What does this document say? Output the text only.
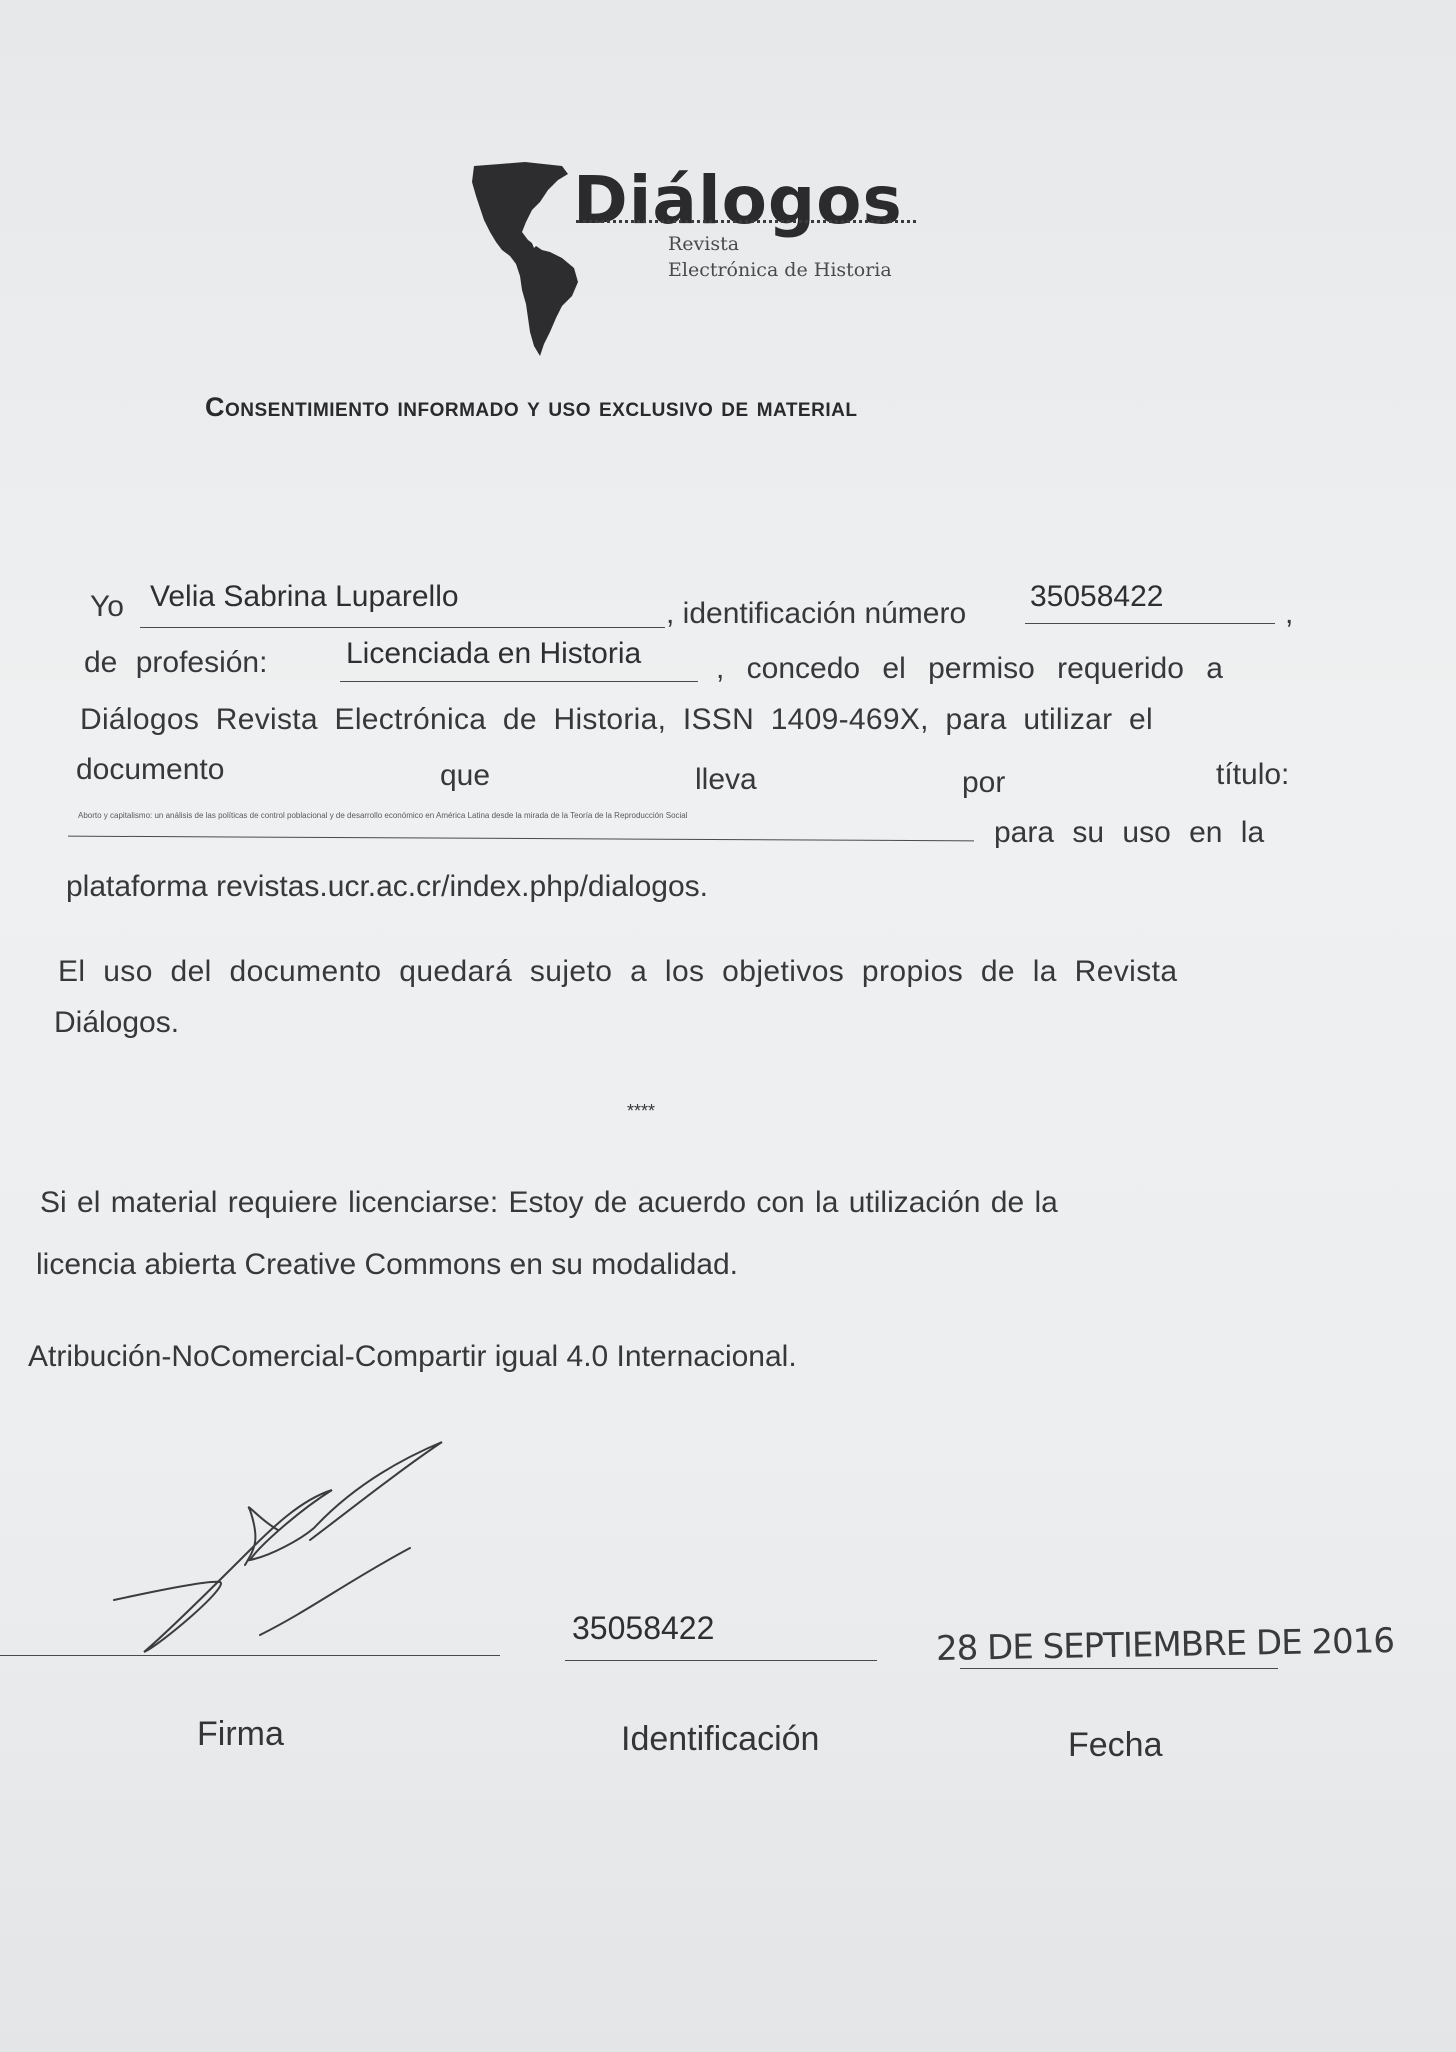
Diálogos
Revista
Electrónica de Historia
Consentimiento informado y uso exclusivo de material
Yo Velia Sabrina Luparello
, identificación número
35058422
,
de profesión:	Licenciada en Historia , concedo el permiso requerido a
Diálogos Revista Electrónica de Historia, ISSN 1409-469X, para utilizar el
documento	que	lleva	por	título:
Aborto y capitalismo: un análisis de las políticas de control poblacional y de desarrollo económico en América Latina desde la mirada de la Teoría de la Reproducción Social
para su uso en la
plataforma revistas.ucr.ac.cr/index.php/dialogos.
El uso del documento quedará sujeto a los objetivos propios de la Revista
Diálogos.
****
Si el material requiere licenciarse: Estoy de acuerdo con la utilización de la
licencia abierta Creative Commons en su modalidad.
Atribución-NoComercial-Compartir igual 4.0 Internacional.
35058422	28 DE SEPTIEMBRE DE 2016
Firma	Identificación	Fecha
